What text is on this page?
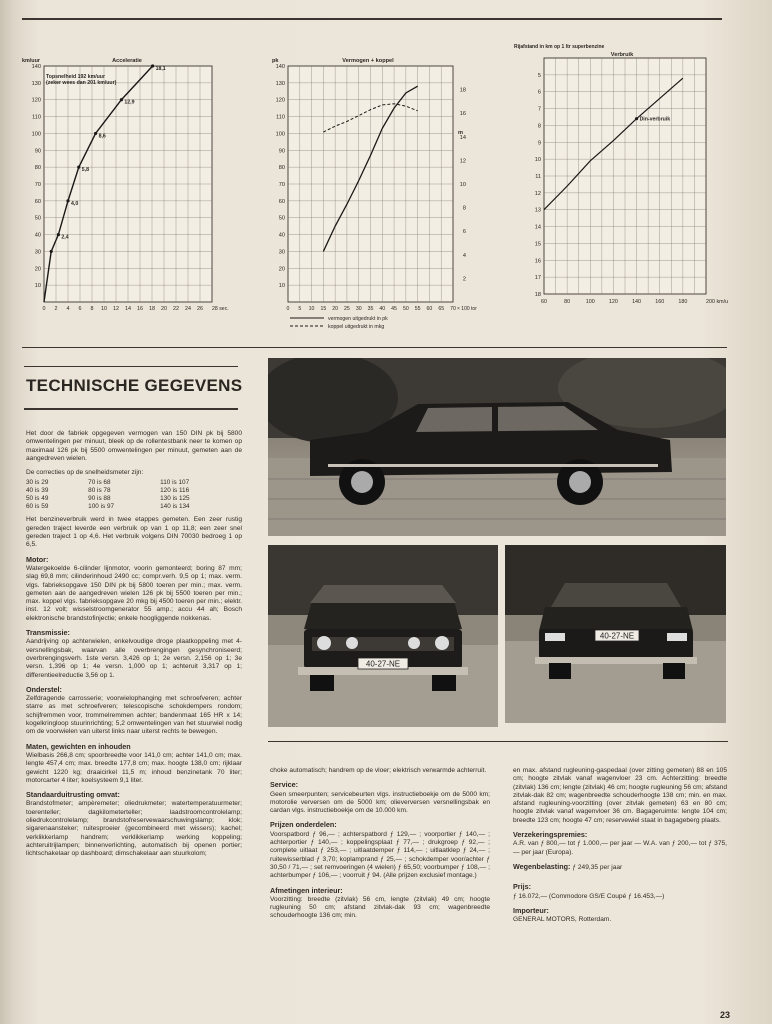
10
20
30
40
50
60
70
80
90
100
110
120
130
140
0 2 4 6 8 10 12 14 16 18 20 22 24 26 28 sec.
km/uur	Acceleratie
Topsnelheid 192 km/uur
(zeker wees dan 201 km/uur)
2,4
4,0
5,8
8,6
12,9
18,1
10
20
30
40
50
60
70
80
90
100
110
120
130
140
2
4
6
8
10
12
14
16
18
0 5 10 15 20 25 30 35 40 45 50 55 60 65 70 × 100 tor
pk
m
Vermogen + koppel
vermogen uitgedrukt in pk
koppel uitgedrukt in mkg
5
6
7
8
9
10
11
12
13
14
15
16
17
18
60	80	100	120	140	160	180	200 km/u
Rijafstand in km op 1 ltr superbenzine
Verbruik
Din-verbruik
TECHNISCHE GEGEVENS

Het door de fabriek opgegeven vermogen van 150 DIN pk bij 5800 omwentelingen per minuut, bleek op de rollentestbank neer te komen op maximaal 126 pk bij 5500 omwentelingen per minuut, gemeten aan de aangedreven wielen.

De correcties op de snelheidsmeter zijn:

30 is 29	70 is 68	110 is 107
40 is 39	80 is 78	120 is 116
50 is 49	90 is 88	130 is 125
60 is 59	100 is 97	140 is 134

Het benzineverbruik werd in twee etappes gemeten. Een zeer rustig gereden traject leverde een verbruik op van 1 op 11,8; een zeer snel gereden traject 1 op 4,6. Het verbruik volgens DIN 70030 bedroeg 1 op 6,5.

Motor:

Watergekoelde 6-cilinder lijnmotor, voorin gemonteerd; boring 87 mm; slag 69,8 mm; cilinderinhoud 2490 cc; compr.verh. 9,5 op 1; max. verm. vlgs. fabrieksopgave 150 DIN pk bij 5800 toeren per min.; max. verm. gemeten aan de aangedreven wielen 126 pk bij 5500 toeren per min.; max. koppel vlgs. fabrieksopgave 20 mkg bij 4500 toeren per min.; elektr. inst. 12 volt; wisselstroomgenerator 55 amp.; accu 44 ah; Bosch elektronische brandstofinjectie; enkele hoogliggende nokkenas.

Transmissie:

Aandrijving op achterwielen, enkelvoudige droge plaatkoppeling met 4-versnellingsbak, waarvan alle overbrengingen gesynchroniseerd; overbrengingsverh. 1ste versn. 3,426 op 1; 2e versn. 2,156 op 1; 3e versn. 1,396 op 1; 4e versn. 1,000 op 1; achteruit 3,317 op 1; differentieelreductie 3,56 op 1.

Onderstel:

Zelfdragende carrosserie; voorwielophanging met schroefveren; achter starre as met schroefveren; telescopische schokdempers rondom; schijfremmen voor, trommelremmen achter; bandenmaat 165 HR x 14; kogelkringloop stuurinrichting; 5,2 omwentelingen van het stuurwiel nodig om de voorwielen van uiterst links naar uiterst rechts te bewegen.

Maten, gewichten en inhouden

Wielbasis 266,8 cm; spoorbreedte voor 141,0 cm; achter 141,0 cm; max. lengte 457,4 cm; max. breedte 177,8 cm; max. hoogte 138,0 cm; rijklaar gewicht 1220 kg; draaicirkel 11,5 m; inhoud benzinetank 70 liter; motorcarter 4 liter; koelsysteem 9,1 liter.

Standaarduitrusting omvat:

Brandstofmeter; ampèremeter; oliedrukmeter; watertemperatuurmeter; toerenteller; dagkilometerteller; laadstroomcontrolelamp; oliedrukcontrolelamp; brandstofreservewaarschuwingslamp; klok; sigarenaansteker; ruitesproeier (gecombineerd met wissers); kachel; verklikkerlamp handrem; verklikkerlamp werking koppeling; achteruitrijlampen; binnenverlichting, automatisch bij openen portier; lichtschakelaar op dashboard; dimschakelaar aan stuurkolom;

40-27-NE
40-27-NE

choke automatisch; handrem op de vloer; elektrisch verwarmde achterruit.

Service:

Geen smeerpunten; servicebeurten vlgs. instructieboekje om de 5000 km; motorolie verversen om de 5000 km; olieverversen versnellingsbak en cardan vlgs. instructieboekje om de 10.000 km.

Prijzen onderdelen:

Voorspatbord ƒ 96,— ; achterspatbord ƒ 129,— ; voorportier ƒ 140,— ; achterportier ƒ 140,— ; koppelingsplaat ƒ 77,— ; drukgroep ƒ 92,— ; complete uitlaat ƒ 253,— ; uitlaatdemper ƒ 114,— ; uitlaatklep ƒ 24,— ; ruitewisserblad ƒ 3,70; koplamprand ƒ 25,— ; schokdemper voor/achter ƒ 30,50 / 71,— ; set remvoeringen (4 wielen) ƒ 65,50; voorbumper ƒ 108,— ; achterbumper ƒ 106,— ; voorruit ƒ 94. (Alle prijzen exclusief montage.)

Afmetingen interieur:

Voorzitting: breedte (zitvlak) 56 cm, lengte (zitvlak) 49 cm; hoogte rugleuning 50 cm; afstand zitvlak-dak 93 cm; wagenbreedte schouderhoogte 136 cm; min.

en max. afstand rugleuning-gaspedaal (over zitting gemeten) 88 en 105 cm; hoogte zitvlak vanaf wagenvloer 23 cm. Achterzitting: breedte (zitvlak) 136 cm; lengte (zitvlak) 46 cm; hoogte rugleuning 56 cm; afstand zitvlak-dak 82 cm; wagenbreedte schouderhoogte 138 cm; min. en max. afstand rugleuning-voorzitting (over zitvlak gemeten) 63 en 80 cm; hoogte zitvlak vanaf wagenvloer 36 cm. Bagageruimte: lengte 104 cm; breedte 123 cm; hoogte 47 cm; reservewiel staat in bagageberg plaats.

Verzekeringspremies:

A.R. van ƒ 800,— tot ƒ 1.000,— per jaar — W.A. van ƒ 200,— tot ƒ 375,— per jaar (Europa).

Wegenbelasting:

ƒ 249,35 per jaar

Prijs:

ƒ 16.072,— (Commodore GS/E Coupé ƒ 16.453,—)

Importeur:

GENERAL MOTORS, Rotterdam.

23
